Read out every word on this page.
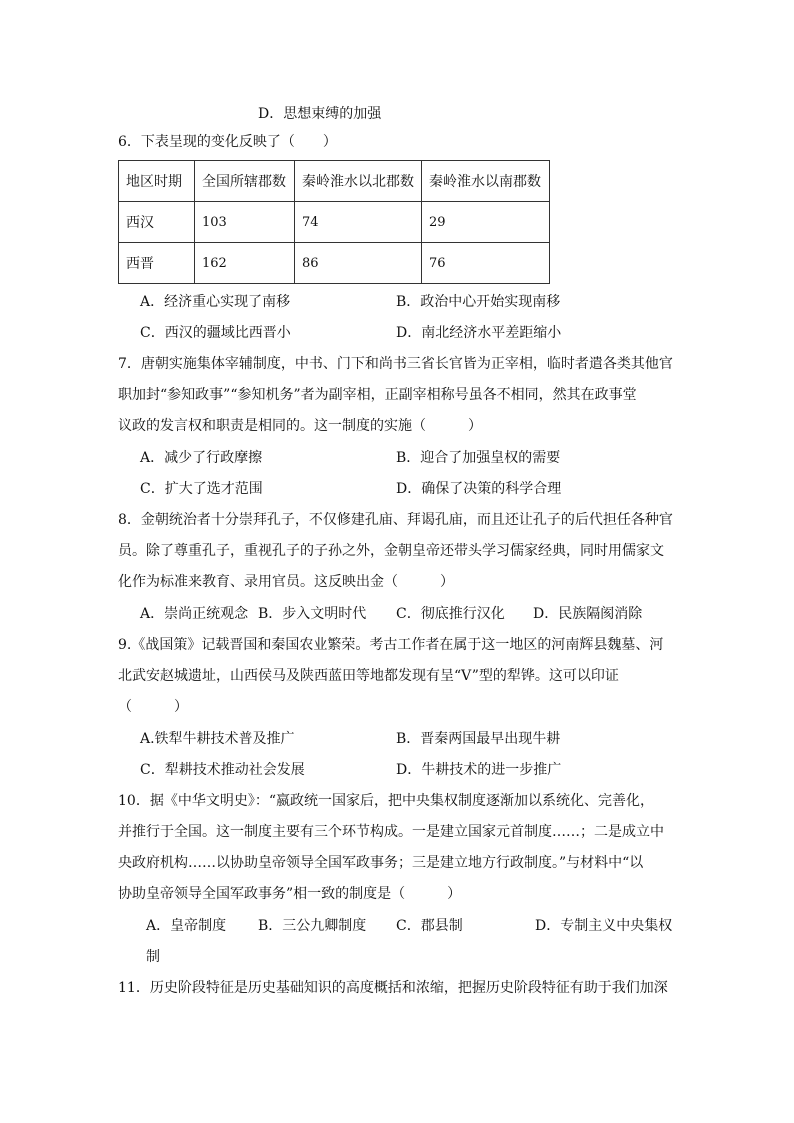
D．思想束缚的加强
6．下表呈现的变化反映了（　　）
地区时期	全国所辖郡数	秦岭淮水以北郡数	秦岭淮水以南郡数
西汉	103	74	29
西晋	162	86	76
A．经济重心实现了南移	B．政治中心开始实现南移
C．西汉的疆域比西晋小	D．南北经济水平差距缩小
7．唐朝实施集体宰辅制度，中书、门下和尚书三省长官皆为正宰相，临时者遣各类其他官
职加封“参知政事”“参知机务”者为副宰相，正副宰相称号虽各不相同，然其在政事堂
议政的发言权和职责是相同的。这一制度的实施（　　　）
A．减少了行政摩擦	B．迎合了加强皇权的需要
C．扩大了选才范围	D．确保了决策的科学合理
8．金朝统治者十分崇拜孔子，不仅修建孔庙、拜谒孔庙，而且还让孔子的后代担任各种官
员。除了尊重孔子，重视孔子的子孙之外，金朝皇帝还带头学习儒家经典，同时用儒家文
化作为标准来教育、录用官员。这反映出金（　　　）
A．崇尚正统观念 B．步入文明时代 C．彻底推行汉化 D．民族隔阂消除
9.《战国策》记载晋国和秦国农业繁荣。考古工作者在属于这一地区的河南辉县魏墓、河
北武安赵城遗址，山西侯马及陕西蓝田等地都发现有呈“V”型的犁铧。这可以印证
（　　　）
A.铁犁牛耕技术普及推广	B．晋秦两国最早出现牛耕
C．犁耕技术推动社会发展	D．牛耕技术的进一步推广
10．据《中华文明史》：“嬴政统一国家后，把中央集权制度逐渐加以系统化、完善化，
并推行于全国。这一制度主要有三个环节构成。一是建立国家元首制度……；二是成立中
央政府机构……以协助皇帝领导全国军政事务；三是建立地方行政制度。”与材料中“以
协助皇帝领导全国军政事务”相一致的制度是（　　　）
A．皇帝制度 B．三公九卿制度 C．郡县制	D．专制主义中央集权
制
11．历史阶段特征是历史基础知识的高度概括和浓缩，把握历史阶段特征有助于我们加深
